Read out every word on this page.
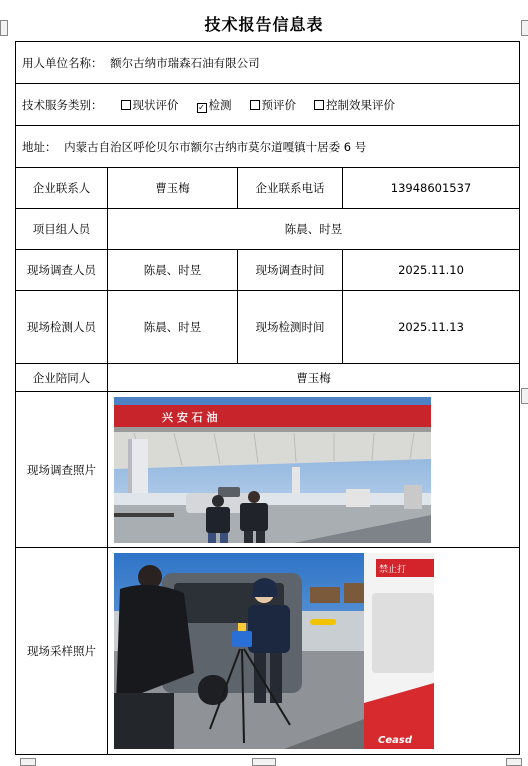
技术报告信息表
用人单位名称： 额尔古纳市瑞森石油有限公司			
技术服务类别： 现状评价 ✓ 检测 预评价 控制效果评价			
地址： 内蒙古自治区呼伦贝尔市额尔古纳市莫尔道嘎镇十居委 6 号			
企业联系人	曹玉梅	企业联系电话	13948601537
项目组人员	陈晨、时昱		
现场调查人员	陈晨、时昱	现场调查时间	2025.11.10
现场检测人员	陈晨、时昱	现场检测时间	2025.11.13
企业陪同人	曹玉梅		
现场调查照片	兴 安 石 油		

现场采样照片	禁止打
Ceasd		
